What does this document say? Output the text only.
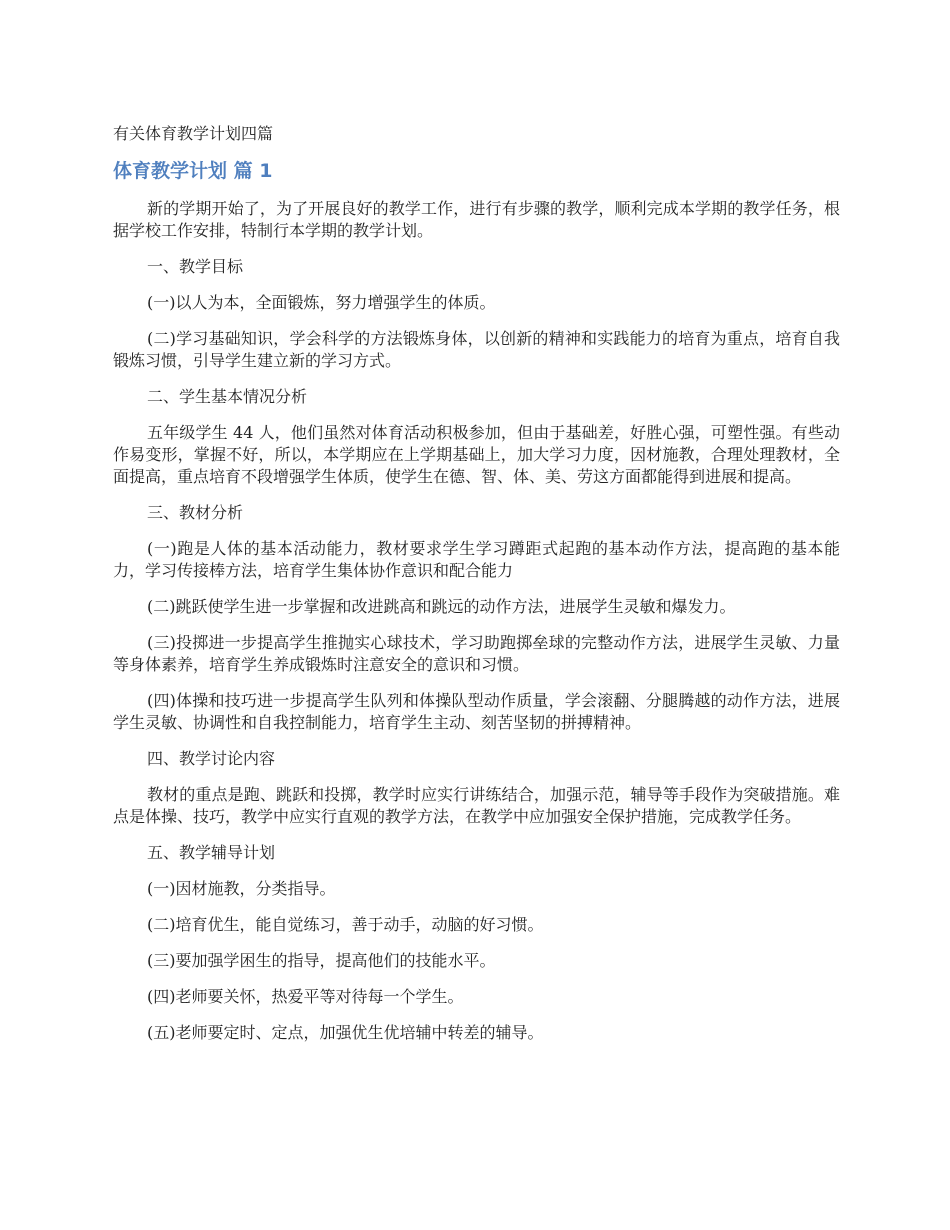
有关体育教学计划四篇
体育教学计划 篇 1

新的学期开始了，为了开展良好的教学工作，进行有步骤的教学，顺利完成本学期的教学任务，根据学校工作安排，特制行本学期的教学计划。

一、教学目标

(一)以人为本，全面锻炼，努力增强学生的体质。

(二)学习基础知识，学会科学的方法锻炼身体，以创新的精神和实践能力的培育为重点，培育自我锻炼习惯，引导学生建立新的学习方式。

二、学生基本情况分析

五年级学生 44 人，他们虽然对体育活动积极参加，但由于基础差，好胜心强，可塑性强。有些动作易变形，掌握不好，所以，本学期应在上学期基础上，加大学习力度，因材施教，合理处理教材，全面提高，重点培育不段增强学生体质，使学生在德、智、体、美、劳这方面都能得到进展和提高。

三、教材分析

(一)跑是人体的基本活动能力，教材要求学生学习蹲距式起跑的基本动作方法，提高跑的基本能力，学习传接棒方法，培育学生集体协作意识和配合能力

(二)跳跃使学生进一步掌握和改进跳高和跳远的动作方法，进展学生灵敏和爆发力。

(三)投掷进一步提高学生推抛实心球技术，学习助跑掷垒球的完整动作方法，进展学生灵敏、力量等身体素养，培育学生养成锻炼时注意安全的意识和习惯。

(四)体操和技巧进一步提高学生队列和体操队型动作质量，学会滚翻、分腿腾越的动作方法，进展学生灵敏、协调性和自我控制能力，培育学生主动、刻苦坚韧的拼搏精神。

四、教学讨论内容

教材的重点是跑、跳跃和投掷，教学时应实行讲练结合，加强示范，辅导等手段作为突破措施。难点是体操、技巧，教学中应实行直观的教学方法，在教学中应加强安全保护措施，完成教学任务。

五、教学辅导计划

(一)因材施教，分类指导。

(二)培育优生，能自觉练习，善于动手，动脑的好习惯。

(三)要加强学困生的指导，提高他们的技能水平。

(四)老师要关怀，热爱平等对待每一个学生。

(五)老师要定时、定点，加强优生优培辅中转差的辅导。
